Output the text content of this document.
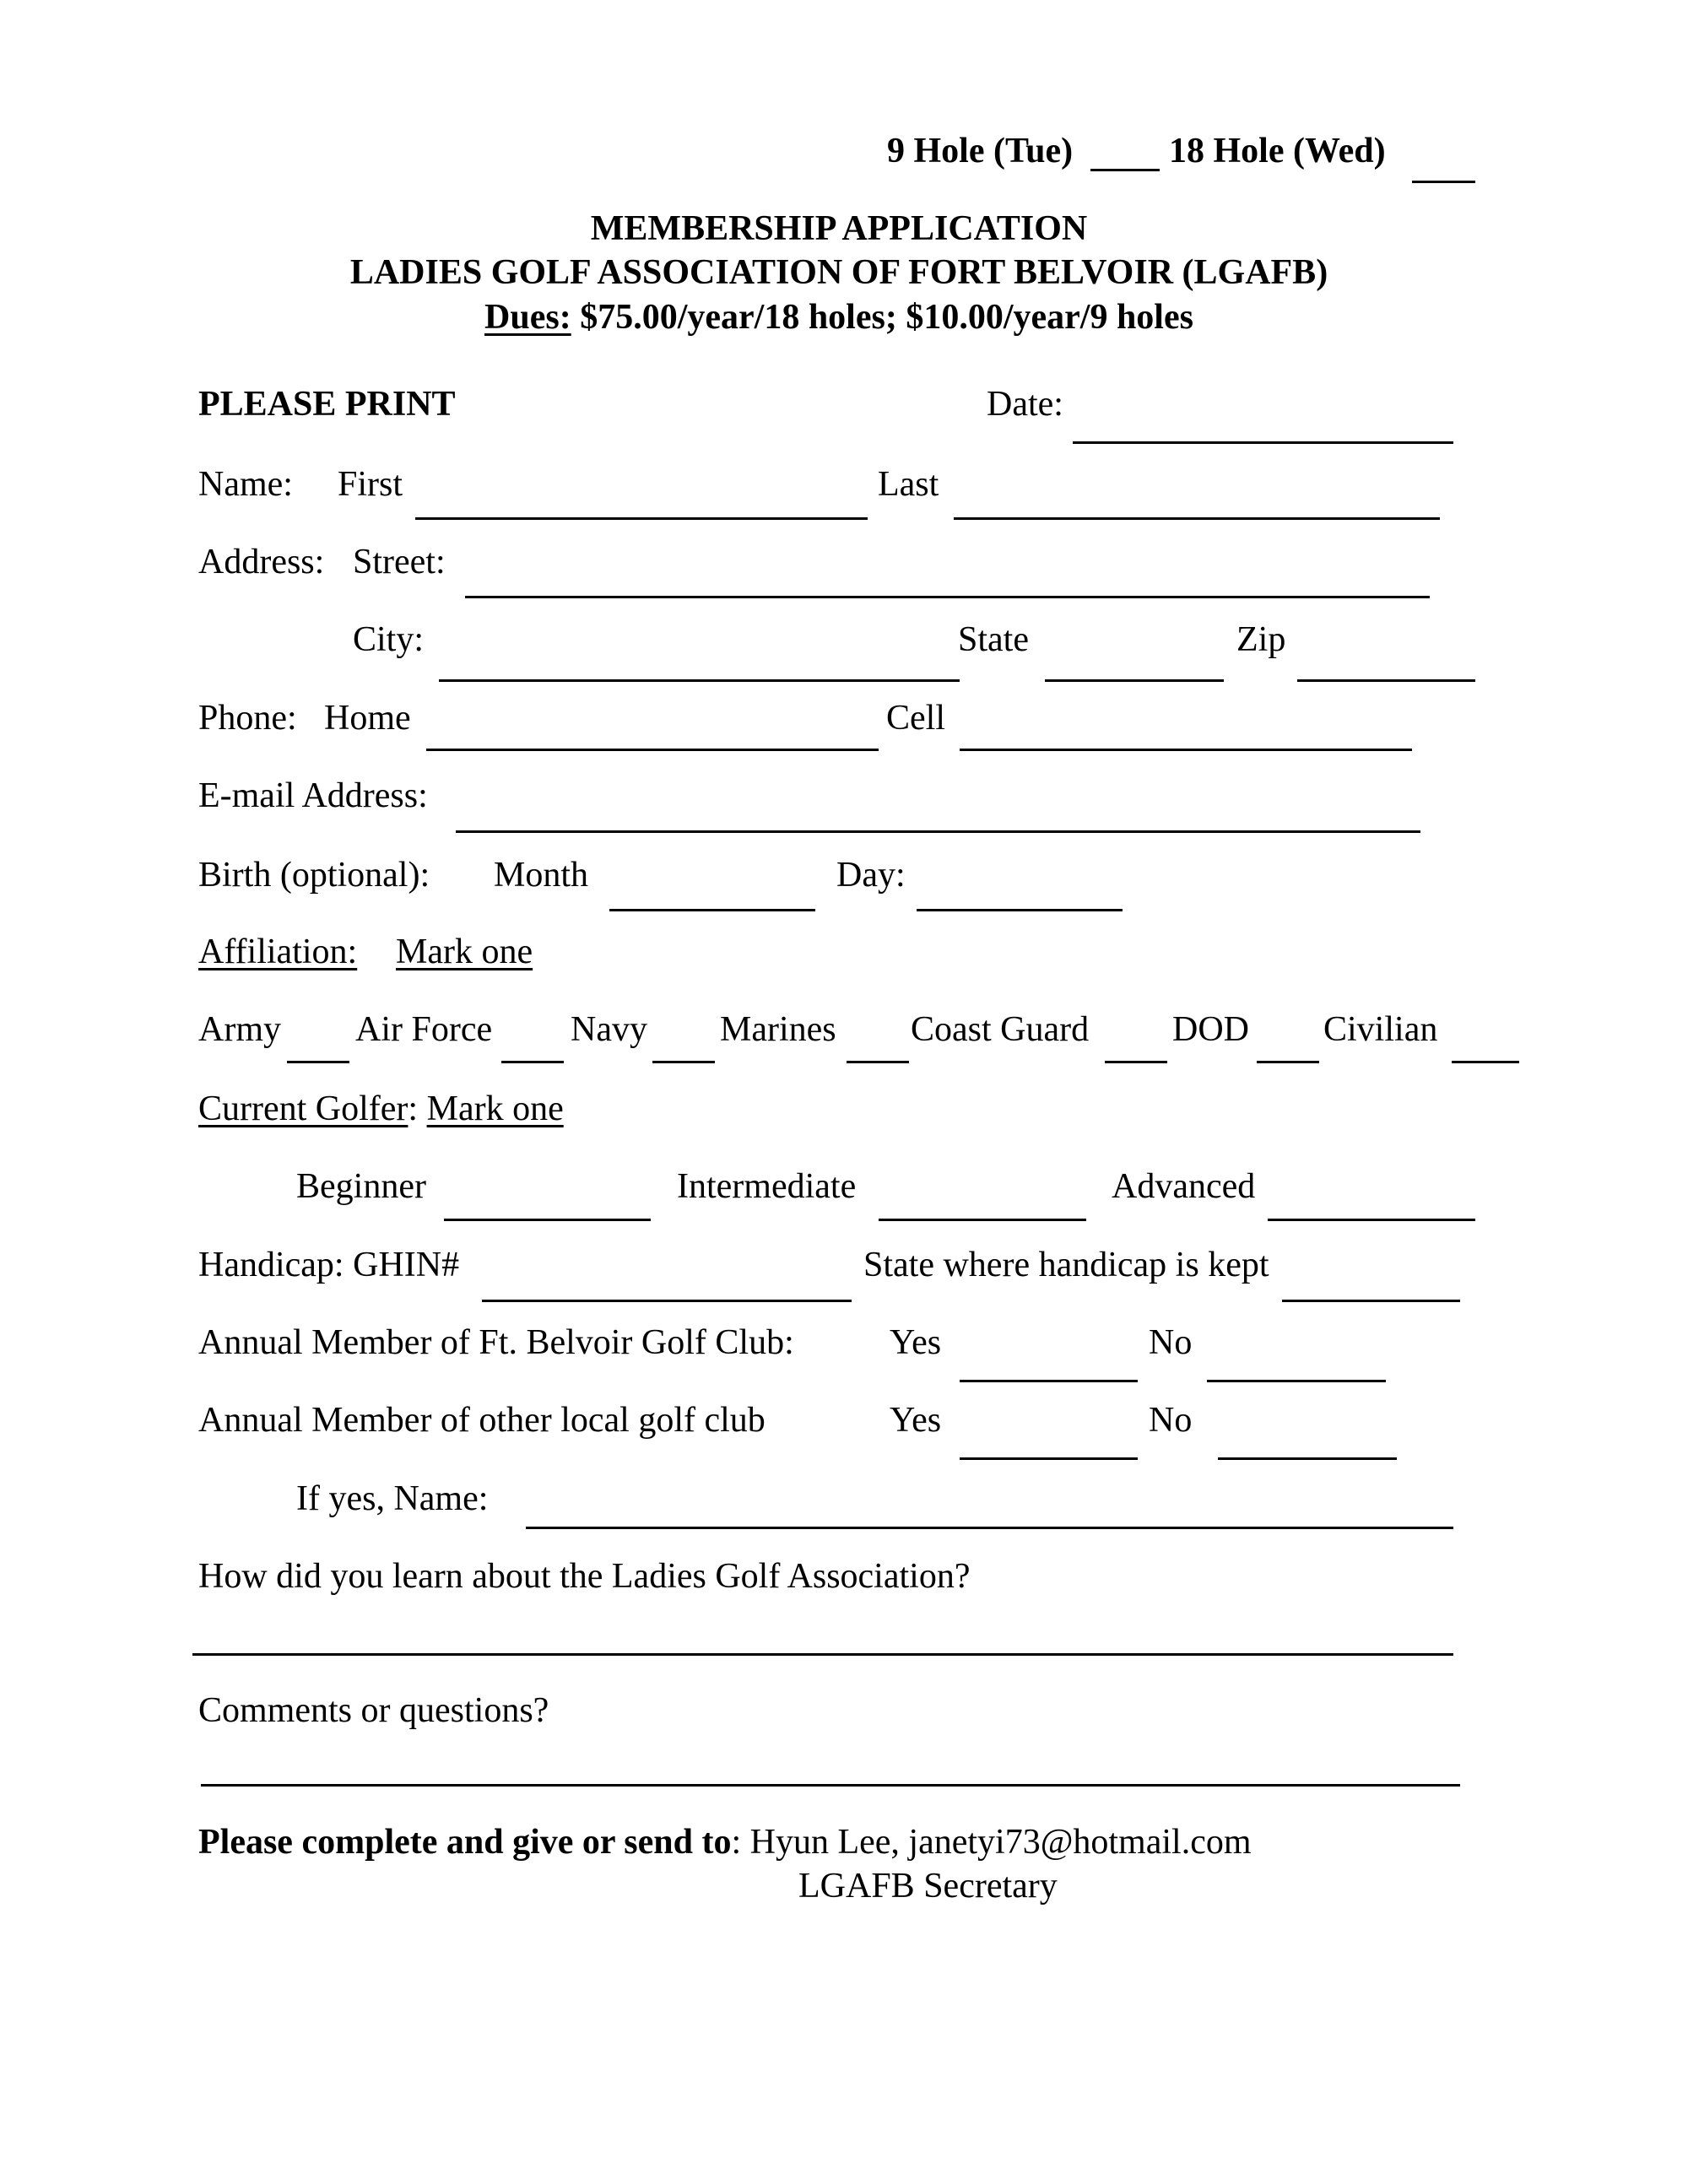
9 Hole (Tue)	18 Hole (Wed)
MEMBERSHIP APPLICATION
LADIES GOLF ASSOCIATION OF FORT BELVOIR (LGAFB)
Dues: $75.00/year/18 holes; $10.00/year/9 holes
PLEASE PRINT	Date:
Name: First	Last
Address: Street:
City:	State	Zip
Phone: Home	Cell
E-mail Address:
Birth (optional): Month	Day:
Affiliation: Mark one
Army Air Force Navy Marines Coast Guard DOD Civilian
Current Golfer: Mark one
Beginner	Intermediate	Advanced
Handicap: GHIN#	State where handicap is kept
Annual Member of Ft. Belvoir Golf Club:	Yes	No
Annual Member of other local golf club	Yes	No
If yes, Name:
How did you learn about the Ladies Golf Association?
Comments or questions?
Please complete and give or send to: Hyun Lee, janetyi73@hotmail.com
LGAFB Secretary
